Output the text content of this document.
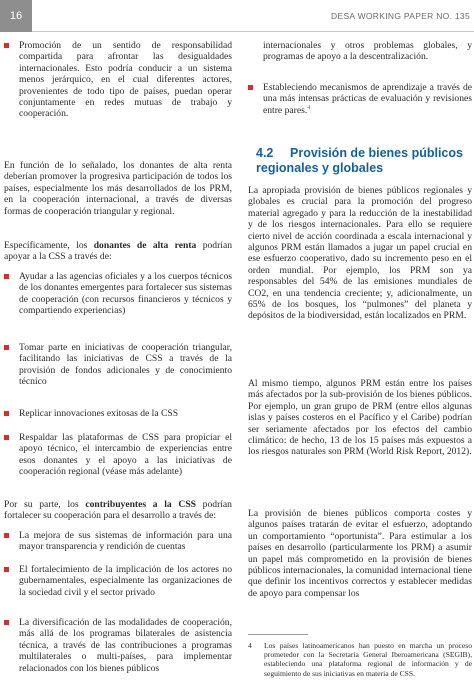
16	DESA WORKING PAPER NO. 135
Promoción de un sentido de responsabilidad compartida para afrontar las desigualdades internacionales. Esto podría conducir a un sistema menos jerárquico, en el cual diferentes actores, provenientes de todo tipo de países, puedan operar conjuntamente en redes mutuas de trabajo y cooperación.
En función de lo señalado, los donantes de alta renta deberían promover la progresiva participación de todos los países, especialmente los más desarrollados de los PRM, en la cooperación internacional, a través de diversas formas de cooperación triangular y regional.
Específicamente, los donantes de alta renta podrían apoyar a la CSS a través de:
Ayudar a las agencias oficiales y a los cuerpos técnicos de los donantes emergentes para fortalecer sus sistemas de cooperación (con recursos financieros y técnicos y compartiendo experiencias)
Tomar parte en iniciativas de cooperación triangular, facilitando las iniciativas de CSS a través de la provisión de fondos adicionales y de conocimiento técnico
Replicar innovaciones exitosas de la CSS
Respaldar las plataformas de CSS para propiciar el apoyo técnico, el intercambio de experiencias entre esos donantes y el apoyo a las iniciativas de cooperación regional (véase más adelante)
Por su parte, los contribuyentes a la CSS podrían fortalecer su cooperación para el desarrollo a través de:
La mejora de sus sistemas de información para una mayor transparencia y rendición de cuentas
El fortalecimiento de la implicación de los actores no gubernamentales, especialmente las organizaciones de la sociedad civil y el sector privado
La diversificación de las modalidades de cooperación, más allá de los programas bilaterales de asistencia técnica, a través de las contribuciones a programas multilaterales o multi-países, para implementar relacionados con los bienes públicos
internacionales y otros problemas globales, y programas de apoyo a la descentralización.
Estableciendo mecanismos de aprendizaje a través de una más intensas prácticas de evaluación y revisiones entre pares.$^4$
4.2 Provisión de bienes públicos regionales y globales
La apropiada provisión de bienes públicos regionales y globales es crucial para la promoción del progreso material agregado y para la reducción de la inestabilidad y de los riesgos internacionales. Para ello se requiere cierto nivel de acción coordinada a escala internacional y algunos PRM están llamados a jugar un papel crucial en ese esfuerzo cooperativo, dado su incremento peso en el orden mundial. Por ejemplo, los PRM son ya responsables del 54% de las emisiones mundiales de CO2, en una tendencia creciente; y, adicionalmente, un 65% de los bosques, los “pulmones” del planeta y depósitos de la biodiversidad, están localizados en PRM.
Al mismo tiempo, algunos PRM están entre los países más afectados por la sub-provisión de los bienes públicos. Por ejemplo, un gran grupo de PRM (entre ellos algunas islas y países costeros en el Pacífico y el Caribe) podrían ser seriamente afectados por los efectos del cambio climático: de hecho, 13 de los 15 países más expuestos a los riesgos naturales son PRM (World Risk Report, 2012).
La provisión de bienes públicos comporta costes y algunos países tratarán de evitar el esfuerzo, adoptando un comportamiento “oportunista”. Para estimular a los países en desarrollo (particularmente los PRM) a asumir un papel más comprometido en la provisión de bienes públicos internacionales, la comunidad internacional tiene que definir los incentivos correctos y establecer medidas de apoyo para compensar los
4	Los países latinoamericanos han puesto en marcha un proceso prometedor con la Secretaría General Iberoamericana (SEGIB), estableciendo una plataforma regional de información y de seguimiento de sus iniciativas en materia de CSS.
